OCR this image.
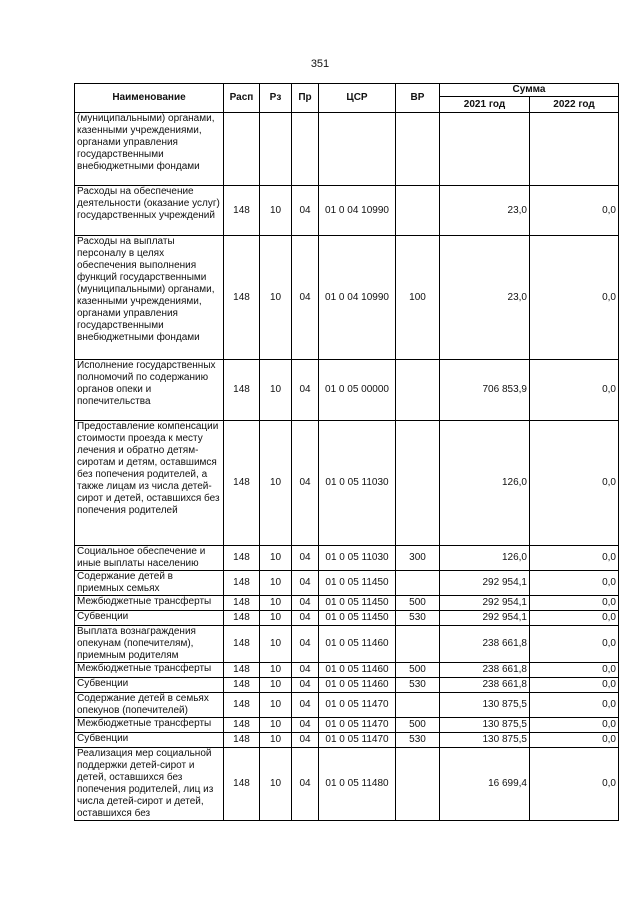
351
Наименование	Расп	Рз	Пр	ЦСР	ВР	Сумма	
						2021 год	2022 год
(муниципальными) органами, казенными учреждениями, органами управления государственными внебюджетными фондами							
Расходы на обеспечение деятельности (оказание услуг) государственных учреждений	148	10	04	01 0 04 10990		23,0	0,0
Расходы на выплаты персоналу в целях обеспечения выполнения функций государственными (муниципальными) органами, казенными учреждениями, органами управления государственными внебюджетными фондами	148	10	04	01 0 04 10990	100	23,0	0,0
Исполнение государственных полномочий по содержанию органов опеки и попечительства	148	10	04	01 0 05 00000		706 853,9	0,0
Предоставление компенсации стоимости проезда к месту лечения и обратно детям-сиротам и детям, оставшимся без попечения родителей, а также лицам из числа детей-сирот и детей, оставшихся без попечения родителей	148	10	04	01 0 05 11030		126,0	0,0
Социальное обеспечение и иные выплаты населению	148	10	04	01 0 05 11030	300	126,0	0,0
Содержание детей в приемных семьях	148	10	04	01 0 05 11450		292 954,1	0,0
Межбюджетные трансферты	148	10	04	01 0 05 11450	500	292 954,1	0,0
Субвенции	148	10	04	01 0 05 11450	530	292 954,1	0,0
Выплата вознаграждения опекунам (попечителям), приемным родителям	148	10	04	01 0 05 11460		238 661,8	0,0
Межбюджетные трансферты	148	10	04	01 0 05 11460	500	238 661,8	0,0
Субвенции	148	10	04	01 0 05 11460	530	238 661,8	0,0
Содержание детей в семьях опекунов (попечителей)	148	10	04	01 0 05 11470		130 875,5	0,0
Межбюджетные трансферты	148	10	04	01 0 05 11470	500	130 875,5	0,0
Субвенции	148	10	04	01 0 05 11470	530	130 875,5	0,0
Реализация мер социальной поддержки детей-сирот и детей, оставшихся без попечения родителей, лиц из числа детей-сирот и детей, оставшихся без	148	10	04	01 0 05 11480		16 699,4	0,0
